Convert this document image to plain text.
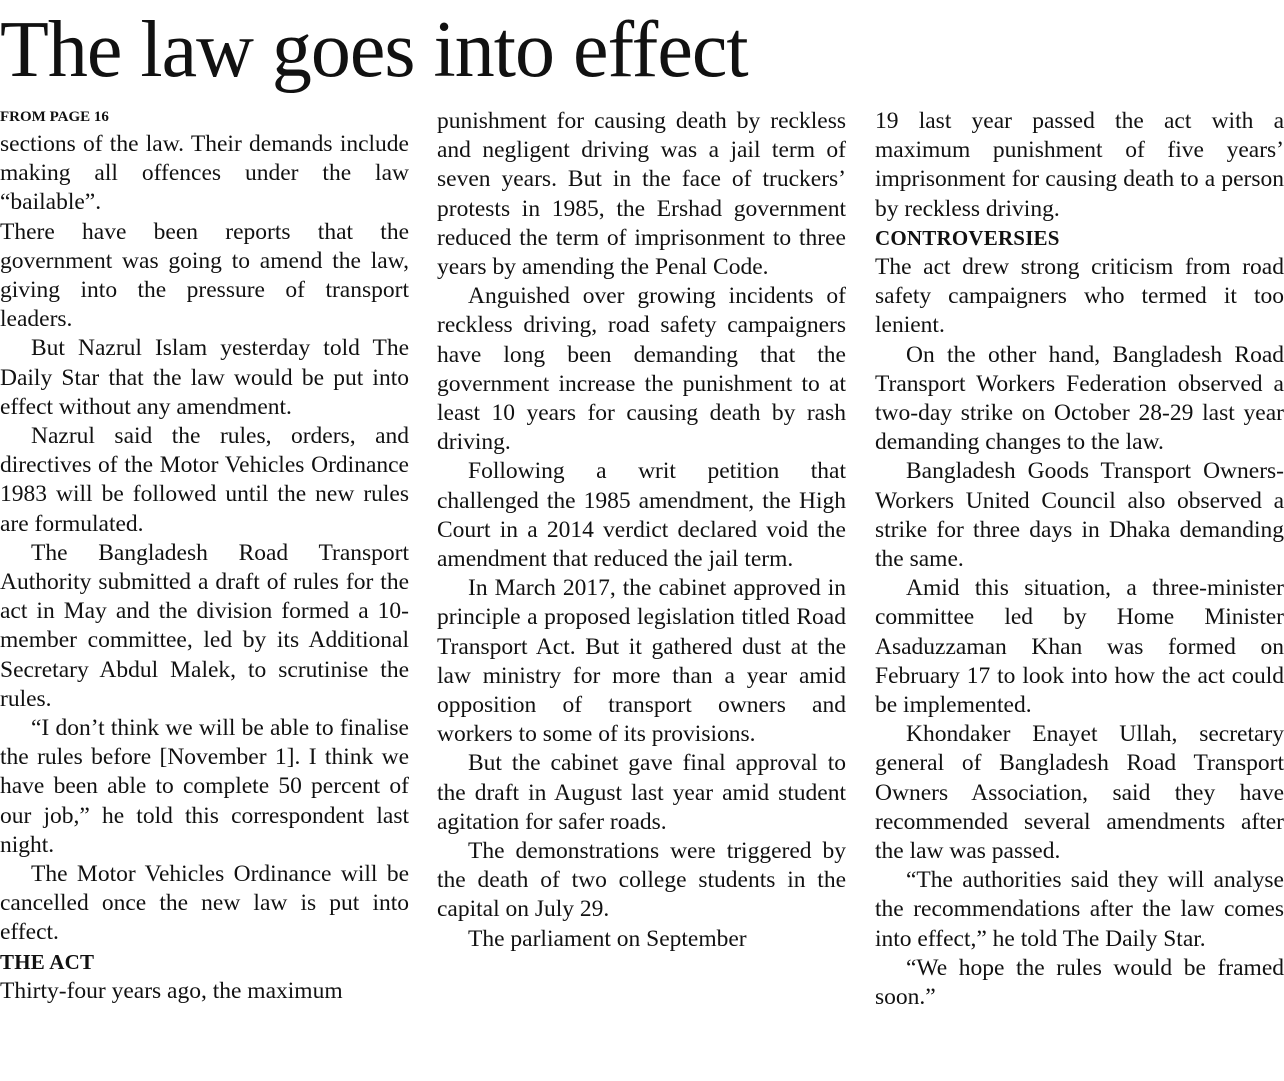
The law goes into effect
FROM PAGE 16

sections of the law. Their demands include making all offences under the law “bailable”.

There have been reports that the government was going to amend the law, giving into the pressure of transport leaders.

But Nazrul Islam yesterday told The Daily Star that the law would be put into effect without any amendment.

Nazrul said the rules, orders, and directives of the Motor Vehicles Ordinance 1983 will be followed until the new rules are formulated.

The Bangladesh Road Transport Authority submitted a draft of rules for the act in May and the division formed a 10-member committee, led by its Additional Secretary Abdul Malek, to scrutinise the rules.

“I don’t think we will be able to finalise the rules before [November 1]. I think we have been able to complete 50 percent of our job,” he told this correspondent last night.

The Motor Vehicles Ordinance will be cancelled once the new law is put into effect.

THE ACT

Thirty-four years ago, the maximum

punishment for causing death by reckless and negligent driving was a jail term of seven years. But in the face of truckers’ protests in 1985, the Ershad government reduced the term of imprisonment to three years by amending the Penal Code.

Anguished over growing incidents of reckless driving, road safety campaigners have long been demanding that the government increase the punishment to at least 10 years for causing death by rash driving.

Following a writ petition that challenged the 1985 amendment, the High Court in a 2014 verdict declared void the amendment that reduced the jail term.

In March 2017, the cabinet approved in principle a proposed legislation titled Road Transport Act. But it gathered dust at the law ministry for more than a year amid opposition of transport owners and workers to some of its provisions.

But the cabinet gave final approval to the draft in August last year amid student agitation for safer roads.

The demonstrations were triggered by the death of two college students in the capital on July 29.

The parliament on September

19 last year passed the act with a maximum punishment of five years’ imprisonment for causing death to a person by reckless driving.

CONTROVERSIES

The act drew strong criticism from road safety campaigners who termed it too lenient.

On the other hand, Bangladesh Road Transport Workers Federation observed a two-day strike on October 28-29 last year demanding changes to the law.

Bangladesh Goods Transport Owners-Workers United Council also observed a strike for three days in Dhaka demanding the same.

Amid this situation, a three-minister committee led by Home Minister Asaduzzaman Khan was formed on February 17 to look into how the act could be implemented.

Khondaker Enayet Ullah, secretary general of Bangladesh Road Transport Owners Association, said they have recommended several amendments after the law was passed.

“The authorities said they will analyse the recommendations after the law comes into effect,” he told The Daily Star.

“We hope the rules would be framed soon.”
